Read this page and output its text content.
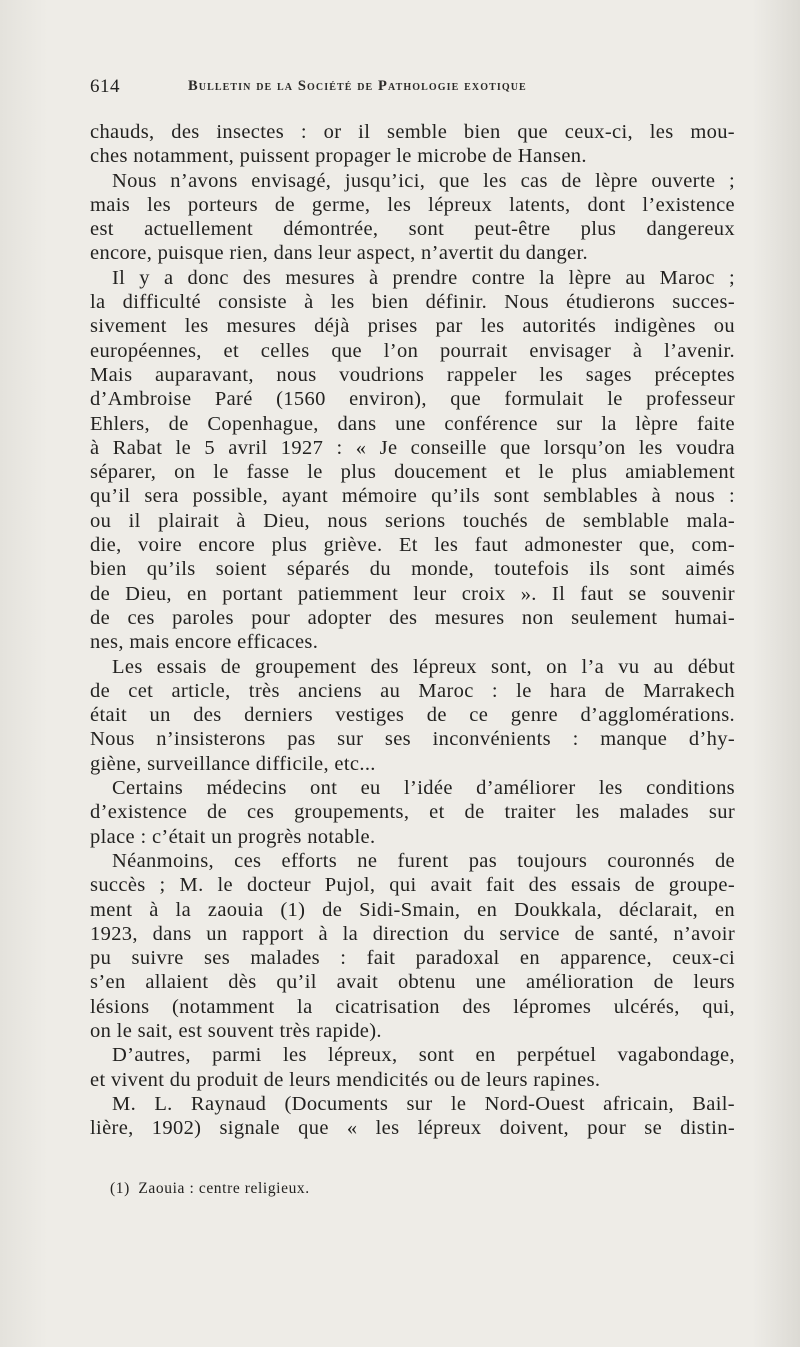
614	Bulletin de la Société de Pathologie exotique

chauds, des insectes : or il semble bien que ceux-ci, les mou-

ches notamment, puissent propager le microbe de Hansen.

Nous n’avons envisagé, jusqu’ici, que les cas de lèpre ouverte ;

mais les porteurs de germe, les lépreux latents, dont l’existence

est actuellement démontrée, sont peut-être plus dangereux

encore, puisque rien, dans leur aspect, n’avertit du danger.

Il y a donc des mesures à prendre contre la lèpre au Maroc ;

la difficulté consiste à les bien définir. Nous étudierons succes-

sivement les mesures déjà prises par les autorités indigènes ou

européennes, et celles que l’on pourrait envisager à l’avenir.

Mais auparavant, nous voudrions rappeler les sages préceptes

d’Ambroise Paré (1560 environ), que formulait le professeur

Ehlers, de Copenhague, dans une conférence sur la lèpre faite

à Rabat le 5 avril 1927 : « Je conseille que lorsqu’on les voudra

séparer, on le fasse le plus doucement et le plus amiablement

qu’il sera possible, ayant mémoire qu’ils sont semblables à nous :

ou il plairait à Dieu, nous serions touchés de semblable mala-

die, voire encore plus griève. Et les faut admonester que, com-

bien qu’ils soient séparés du monde, toutefois ils sont aimés

de Dieu, en portant patiemment leur croix ». Il faut se souvenir

de ces paroles pour adopter des mesures non seulement humai-

nes, mais encore efficaces.

Les essais de groupement des lépreux sont, on l’a vu au début

de cet article, très anciens au Maroc : le hara de Marrakech

était un des derniers vestiges de ce genre d’agglomérations.

Nous n’insisterons pas sur ses inconvénients : manque d’hy-

giène, surveillance difficile, etc...

Certains médecins ont eu l’idée d’améliorer les conditions

d’existence de ces groupements, et de traiter les malades sur

place : c’était un progrès notable.

Néanmoins, ces efforts ne furent pas toujours couronnés de

succès ; M. le docteur Pujol, qui avait fait des essais de groupe-

ment à la zaouia (1) de Sidi-Smain, en Doukkala, déclarait, en

1923, dans un rapport à la direction du service de santé, n’avoir

pu suivre ses malades : fait paradoxal en apparence, ceux-ci

s’en allaient dès qu’il avait obtenu une amélioration de leurs

lésions (notamment la cicatrisation des lépromes ulcérés, qui,

on le sait, est souvent très rapide).

D’autres, parmi les lépreux, sont en perpétuel vagabondage,

et vivent du produit de leurs mendicités ou de leurs rapines.

M. L. Raynaud (Documents sur le Nord-Ouest africain, Bail-

lière, 1902) signale que « les lépreux doivent, pour se distin-

(1) Zaouia : centre religieux.
